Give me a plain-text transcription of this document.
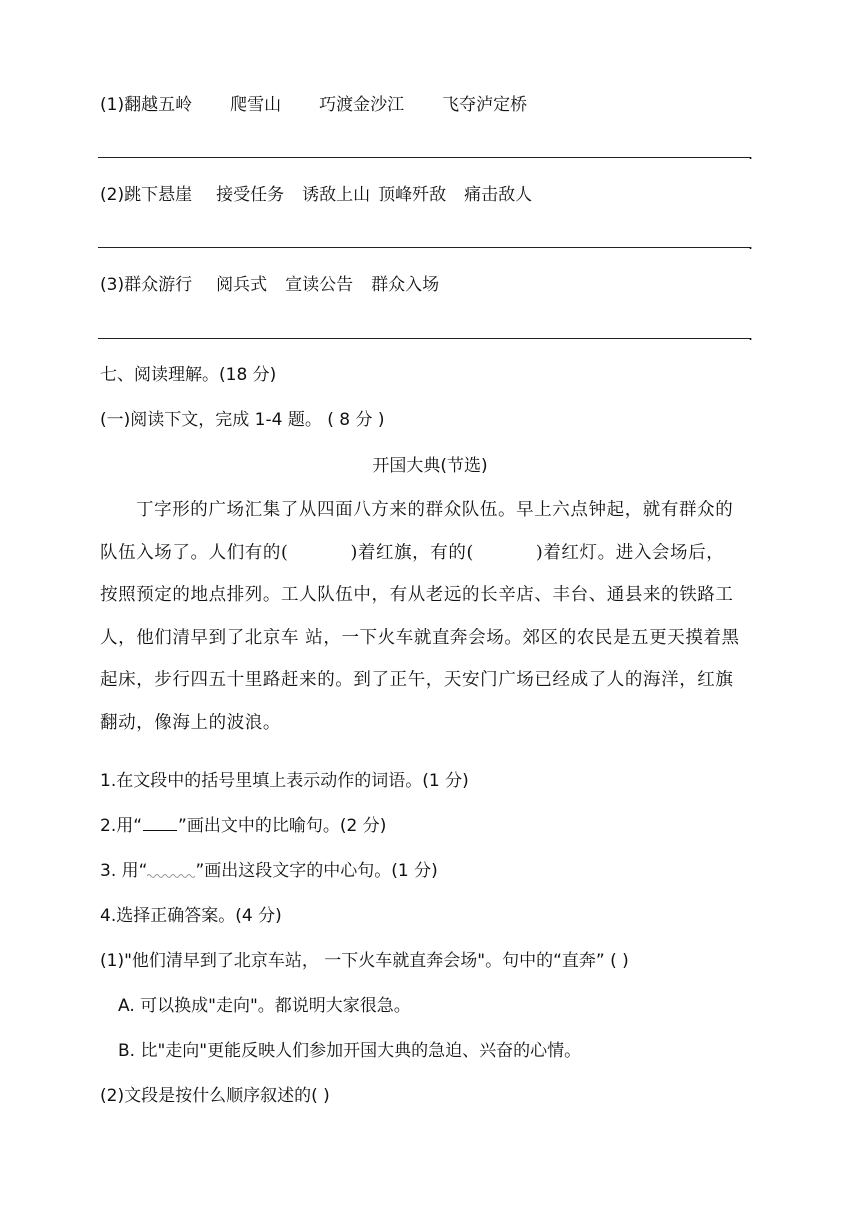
(1)翻越五岭 爬雪山 巧渡金沙江 飞夺泸定桥
.
(2)跳下悬崖 接受任务 诱敌上山 顶峰歼敌 痛击敌人
.
(3)群众游行 阅兵式 宣读公告 群众入场
.
七、阅读理解。(18 分)
(一)阅读下文，完成 1-4 题。 ( 8 分 )
开国大典(节选)
丁字形的广场汇集了从四面八方来的群众队伍。早上六点钟起，就有群众的
队伍入场了。人们有的(	)着红旗，有的(	)着红灯。进入会场后，
按照预定的地点排列。工人队伍中，有从老远的长辛店、丰台、通县来的铁路工
人，他们清早到了北京车 站，一下火车就直奔会场。郊区的农民是五更天摸着黑
起床，步行四五十里路赶来的。到了正午，天安门广场已经成了人的海洋，红旗
翻动，像海上的波浪。
1.在文段中的括号里填上表示动作的词语。(1 分)
2.用“ ”画出文中的比喻句。(2 分)
3. 用“	”画出这段文字的中心句。(1 分)
4.选择正确答案。(4 分)
(1)"他们清早到了北京车站， 一下火车就直奔会场"。句中的“直奔” ( )
A. 可以换成"走向"。都说明大家很急。
B. 比"走向"更能反映人们参加开国大典的急迫、兴奋的心情。
(2)文段是按什么顺序叙述的( )
